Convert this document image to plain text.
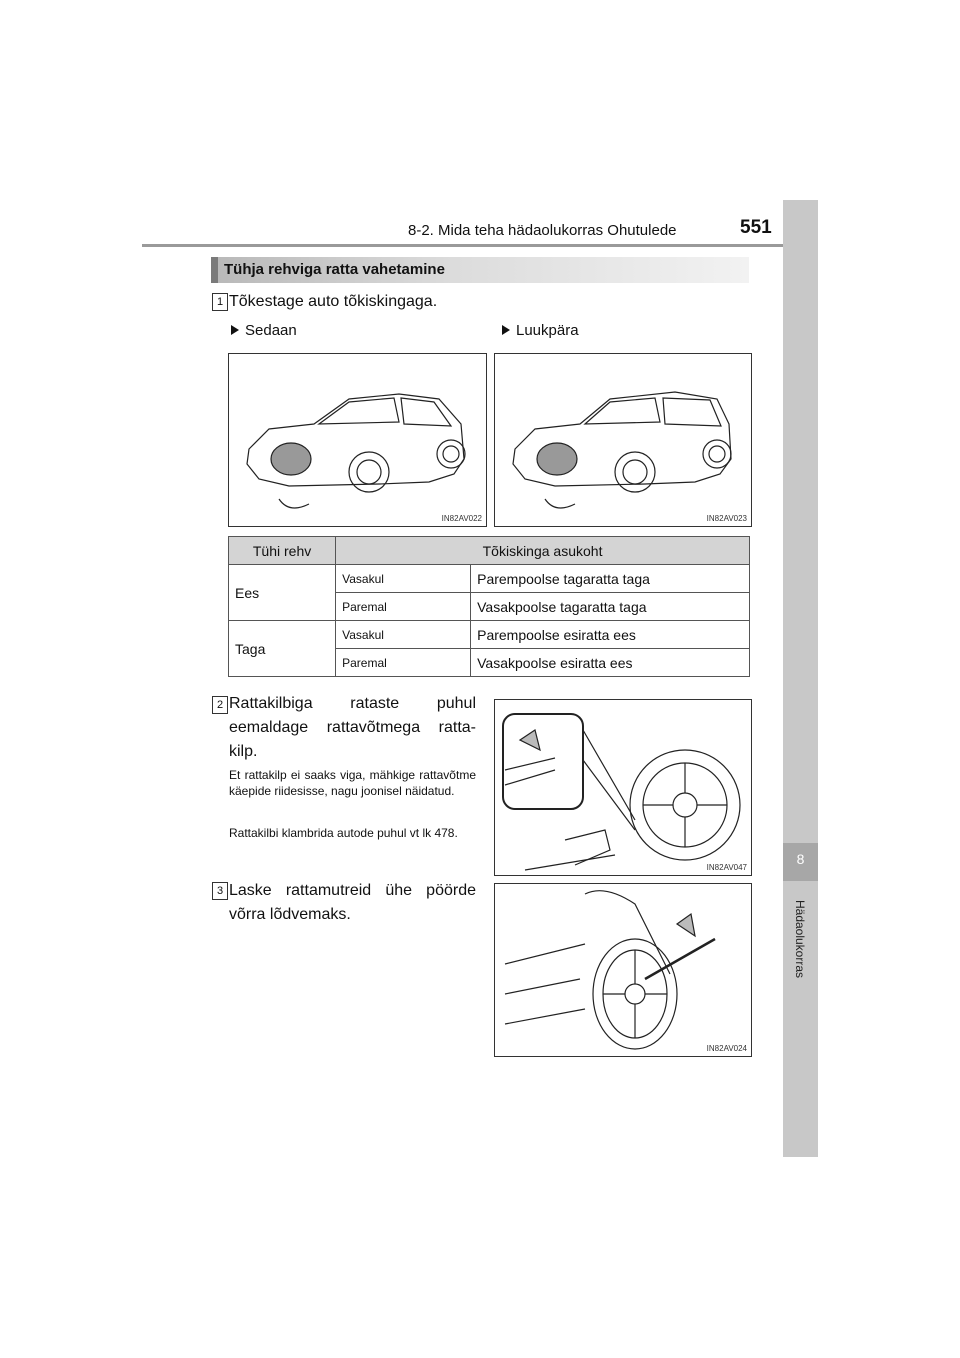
8-2. Mida teha hädaolukorras Ohutulede	551
8
Hädaolukorras
Tühja rehviga ratta vahetamine
1 Tõkestage auto tõkiskingaga.
Sedaan	Luukpära
IN82AV022	IN82AV023
Tühi rehv	Tõkiskinga asukoht	
Ees	Vasakul	Parempoolse tagaratta taga
	Paremal	Vasakpoolse tagaratta taga
Taga	Vasakul	Parempoolse esiratta ees
	Paremal	Vasakpoolse esiratta ees
2 Rattakilbiga rataste puhul eemaldage rattavõtmega ratta-kilp.
Et rattakilp ei saaks viga, mähkige rattavõtme käepide riidesisse, nagu joonisel näidatud.
Rattakilbi klambrida autode puhul vt lk 478.
IN82AV047
3 Laske rattamutreid ühe pöörde võrra lõdvemaks.
IN82AV024
